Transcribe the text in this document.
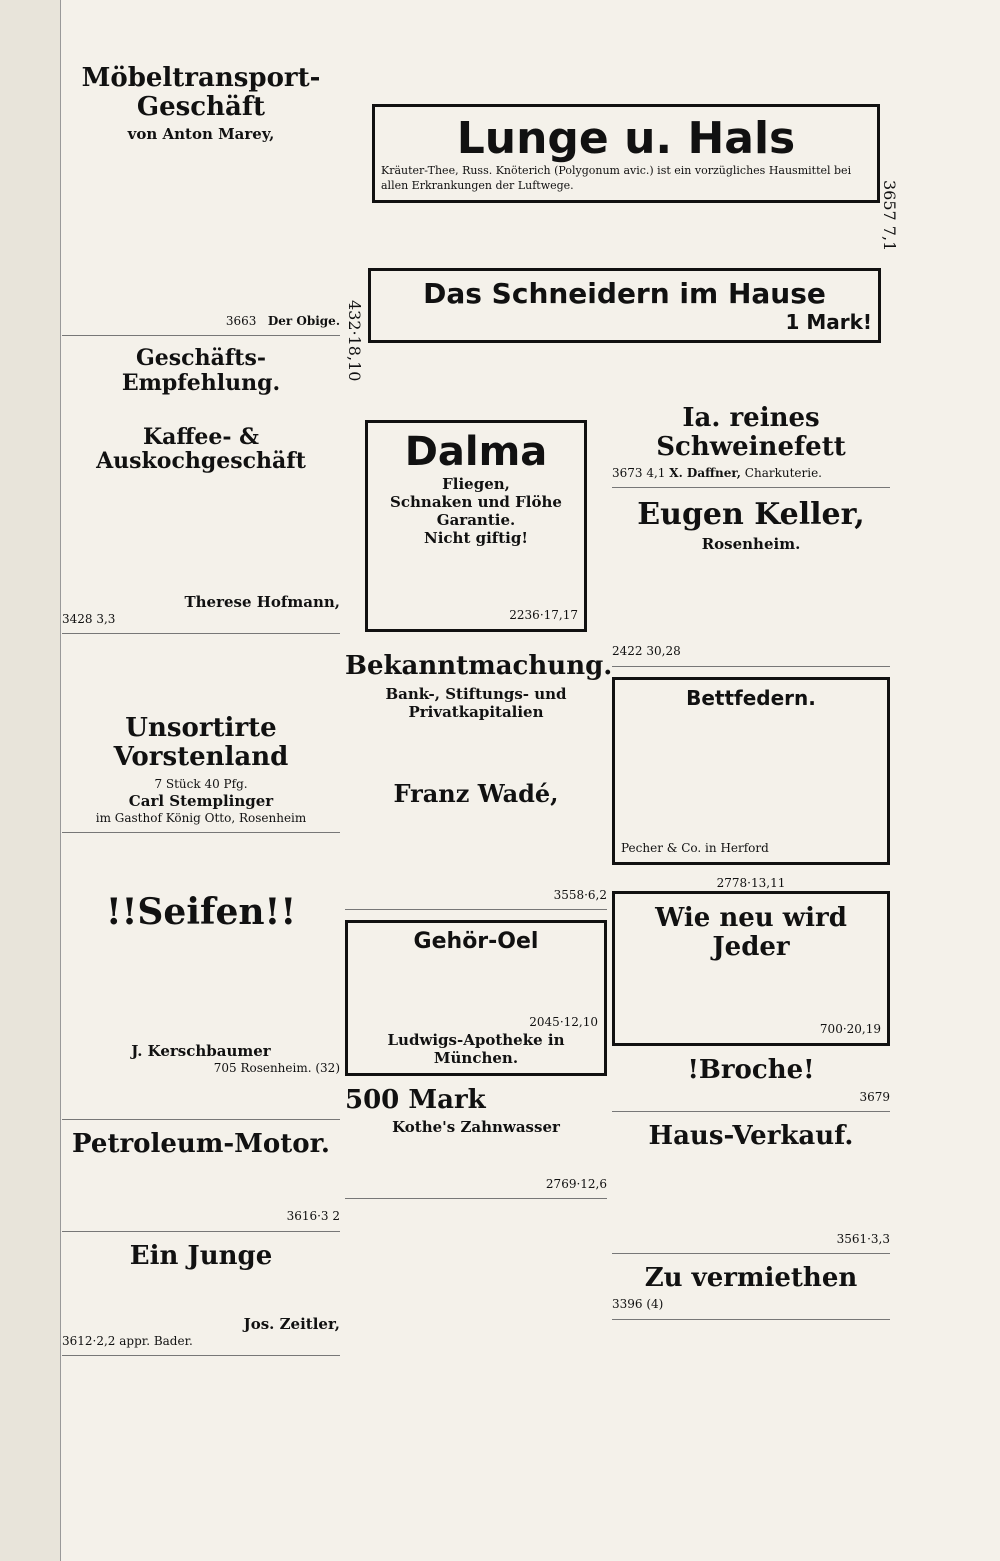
3657 7,1
432·18,10
Lunge u. Hals
Kräuter-Thee, Russ. Knöterich (Polygonum avic.) ist ein vorzügliches Hausmittel bei allen Erkrankungen der Luftwege.
Das Schneidern im Hause
1 Mark!
Möbeltransport-Geschäft
von Anton Marey,
3663 Der Obige.
Geschäfts-Empfehlung.
Kaffee- & Auskochgeschäft
Therese Hofmann,
3428 3,3
Unsortirte Vorstenland
7 Stück 40 Pfg.
Carl Stemplinger
im Gasthof König Otto, Rosenheim
!!Seifen!!
J. Kerschbaumer
705 Rosenheim. (32)
Petroleum-Motor.
3616·3 2
Ein Junge
Jos. Zeitler,
3612·2,2 appr. Bader.
Dalma
Fliegen,
Schnaken und Flöhe
Garantie.
Nicht giftig!
2236·17,17
Bekanntmachung.
Bank-, Stiftungs- und Privatkapitalien
Franz Wadé,
3558·6,2
Gehör-Oel
2045·12,10
Ludwigs-Apotheke in München.
500 Mark
Kothe's Zahnwasser
2769·12,6
Ia. reines Schweinefett
3673 4,1 X. Daffner, Charkuterie.
Eugen Keller,
Rosenheim.
2422 30,28
Bettfedern.
Pecher & Co. in Herford
2778·13,11
Wie neu wird Jeder
700·20,19
!Broche!
3679
Haus-Verkauf.
3561·3,3
Zu vermiethen
3396 (4)
